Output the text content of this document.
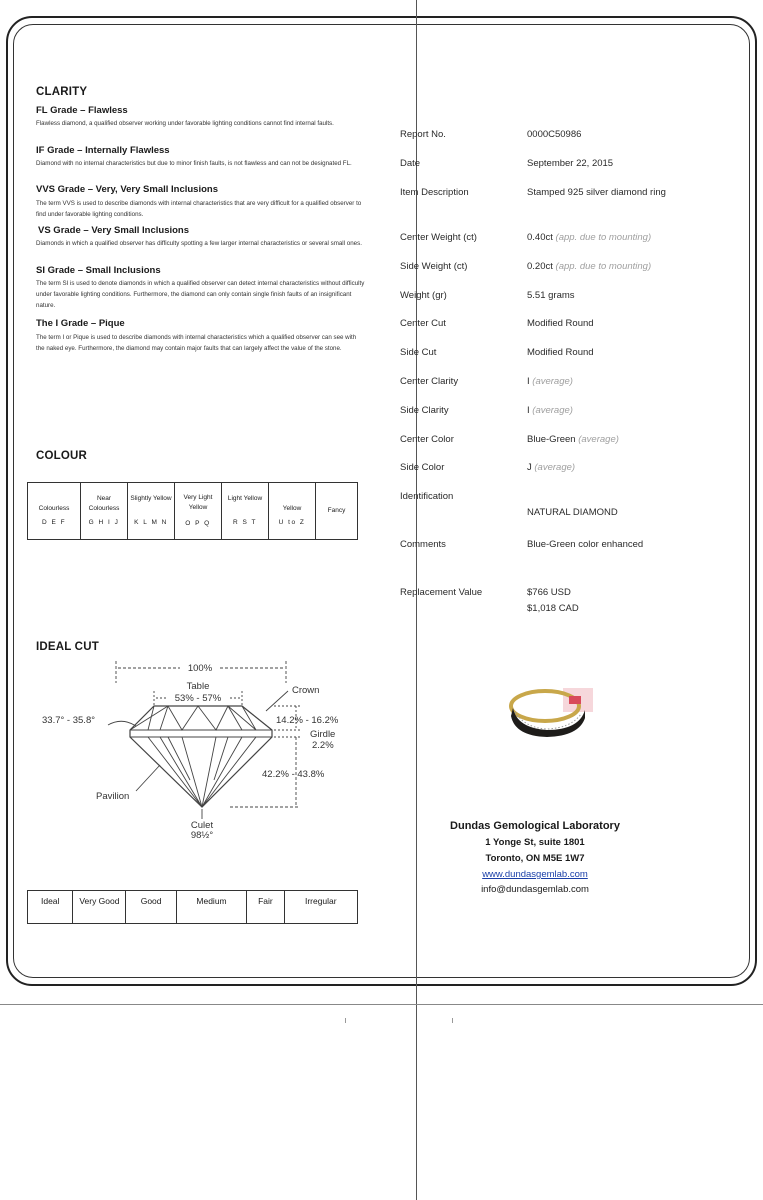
CLARITY
FL Grade – Flawless
Flawless diamond, a qualified observer working under favorable lighting conditions cannot find internal faults.
IF Grade – Internally Flawless
Diamond with no internal characteristics but due to minor finish faults, is not flawless and can not be designated FL.
VVS Grade – Very, Very Small Inclusions
The term VVS is used to describe diamonds with internal characteristics that are very difficult for a qualified observer to find under favorable lighting conditions.
VS Grade – Very Small Inclusions
Diamonds in which a qualified observer has difficulty spotting a few larger internal characteristics or several small ones.
SI Grade – Small Inclusions
The term SI is used to denote diamonds in which a qualified observer can detect internal characteristics without difficulty under favorable lighting conditions. Furthermore, the diamond can only contain single finish faults of an insignificant nature.
The I Grade – Pique
The term I or Pique is used to describe diamonds with internal characteristics which a qualified observer can see with the naked eye. Furthermore, the diamond may contain major faults that can largely affect the value of the stone.
COLOUR
Colourless
D E F

Near Colourless
G H I J

Slightly Yellow
K L M N

Very Light Yellow
O P Q

Light Yellow
R S T

Yellow
U to Z
	Fancy
IDEAL CUT
100%
Table
53% - 57%
Crown
33.7° - 35.8°	14.2% - 16.2%
Girdle
2.2%
42.2% - 43.8%
Pavilion
Culet
98½°
Ideal	Very Good	Good	Medium	Fair	Irregular
Report No.	0000C50986
Date	September 22, 2015
Item Description	Stamped 925 silver diamond ring
Center Weight (ct)	0.40ct (app. due to mounting)
Side Weight (ct)	0.20ct (app. due to mounting)
Weight (gr)	5.51 grams
Center Cut	Modified Round
Side Cut	Modified Round
Center Clarity	I (average)
Side Clarity	I (average)
Center Color	Blue-Green (average)
Side Color	J (average)
Identification
NATURAL DIAMOND
Comments	Blue-Green color enhanced
Replacement Value	$766 USD
$1,018 CAD
Dundas Gemological Laboratory
1 Yonge St, suite 1801
Toronto, ON M5E 1W7
www.dundasgemlab.com
info@dundasgemlab.com
